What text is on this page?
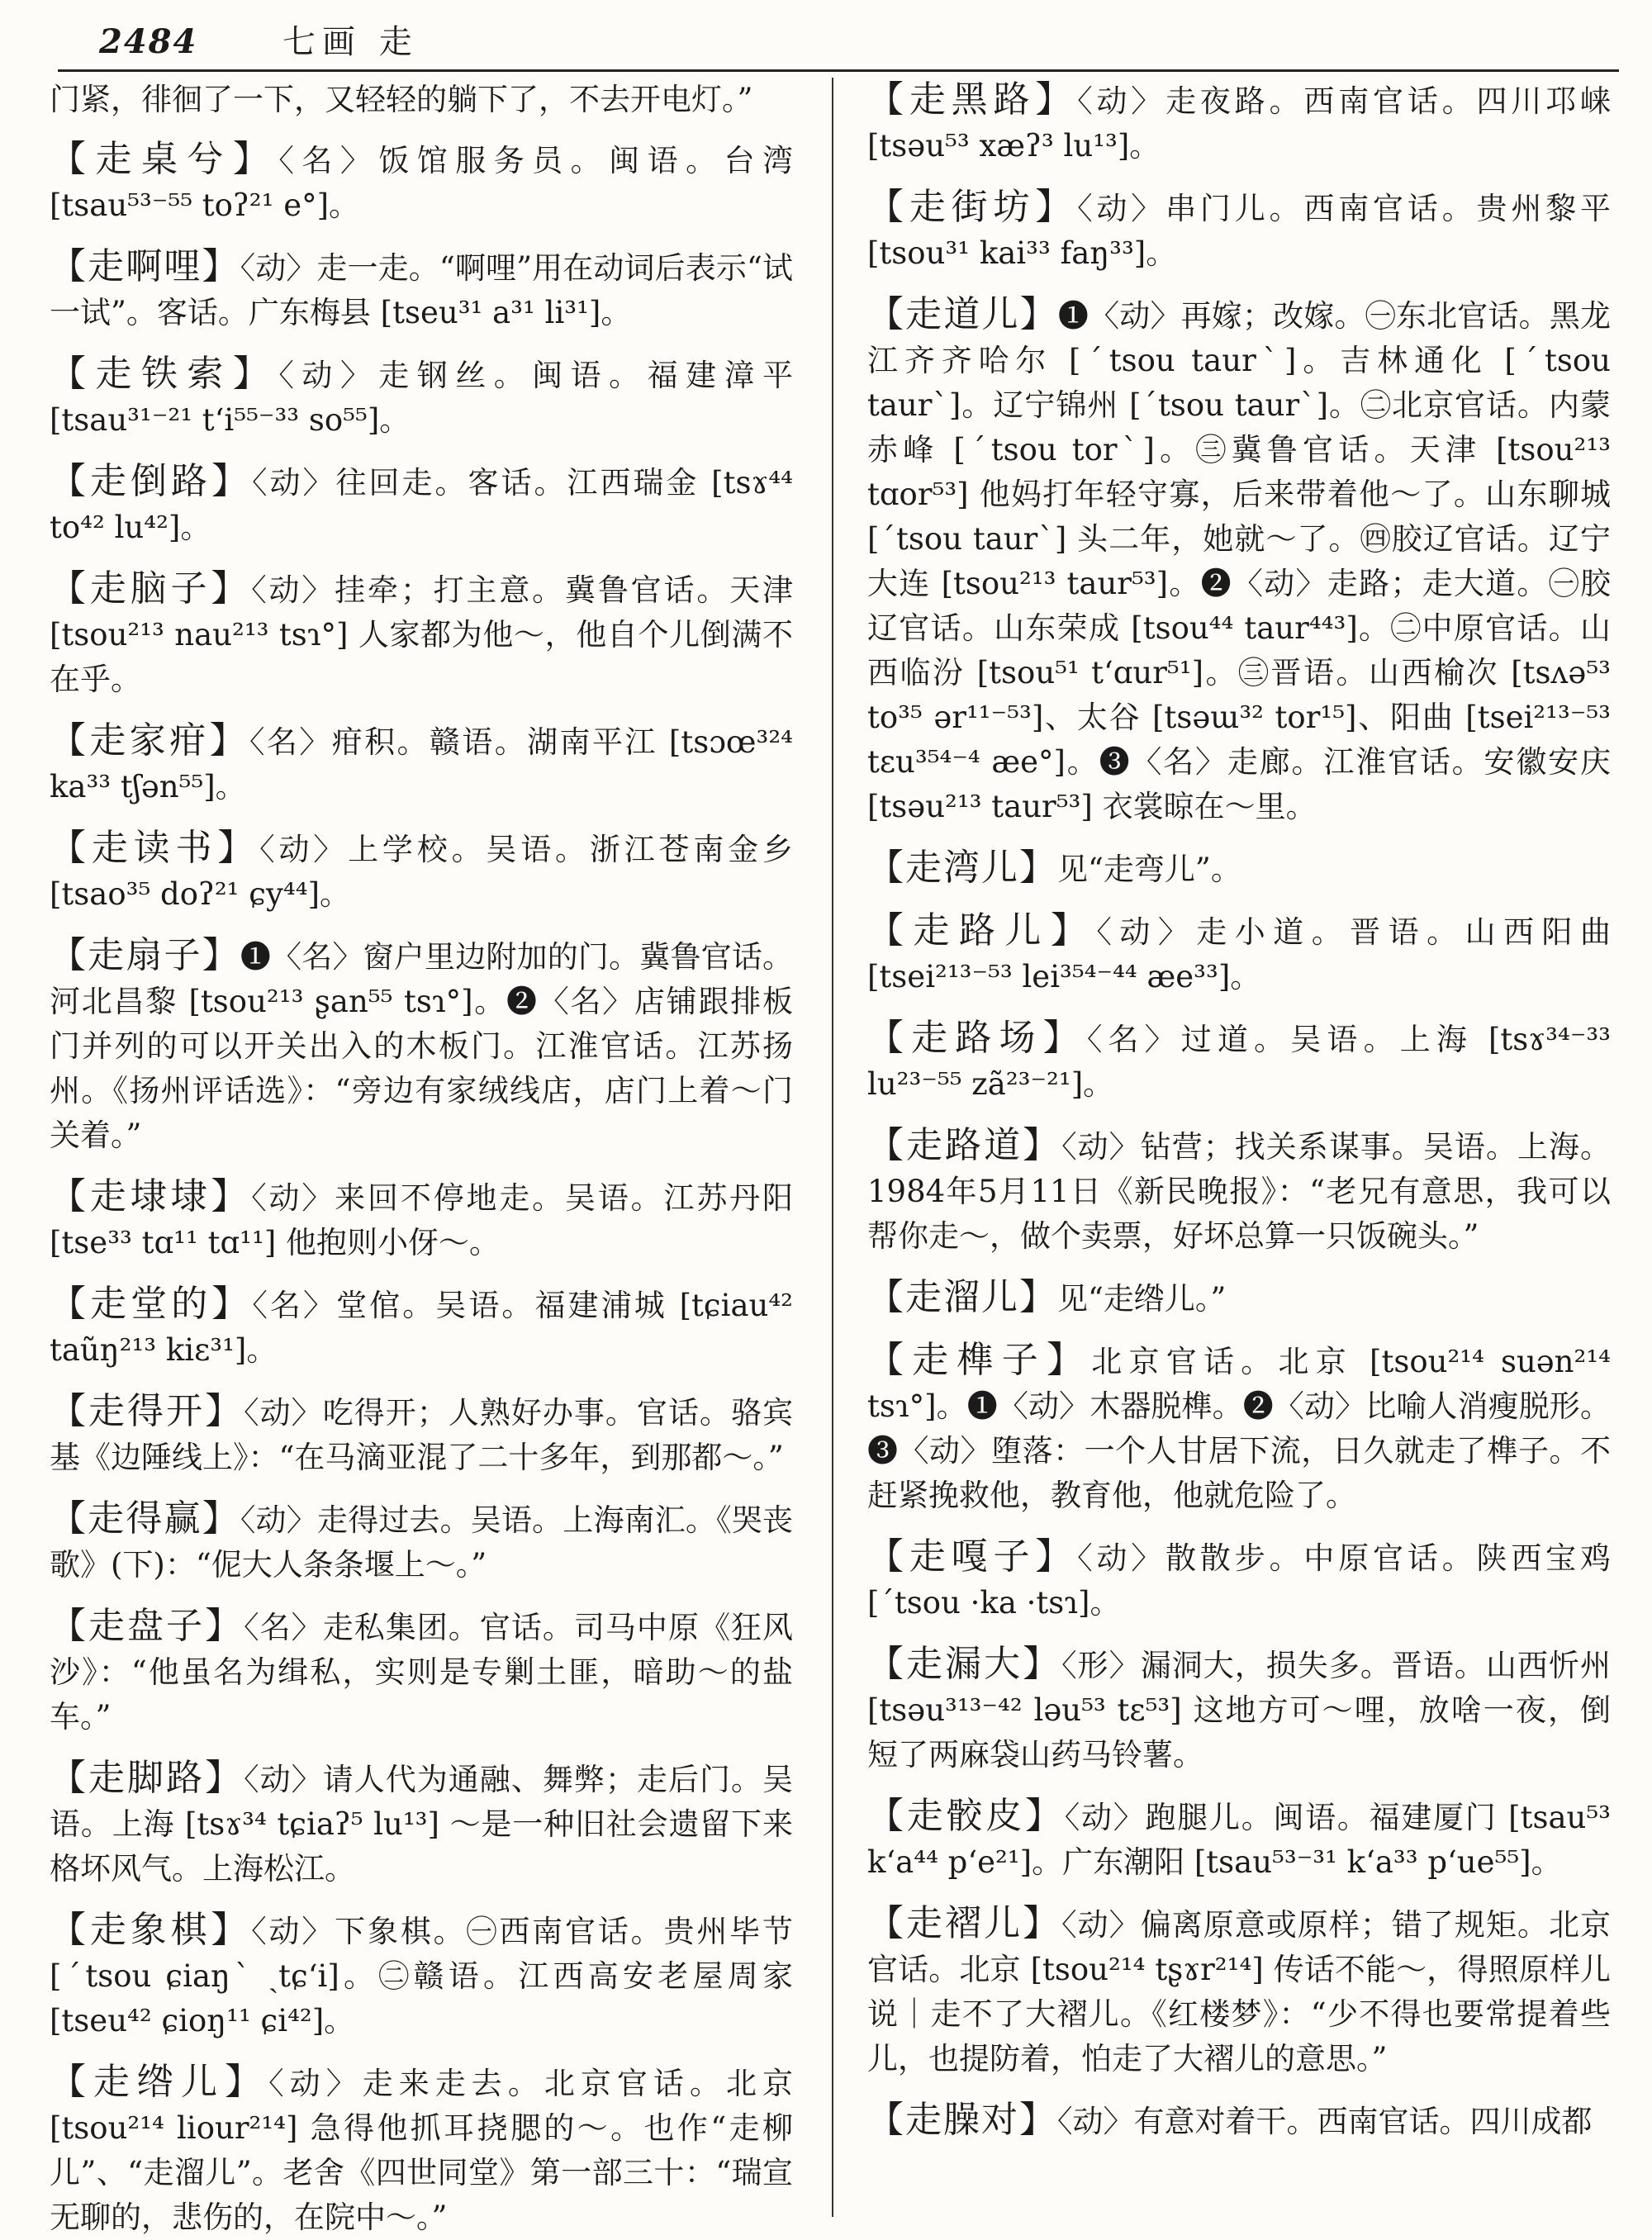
2484	七画 走
门紧，徘徊了一下，又轻轻的躺下了，不去开电灯。”
【走桌兮】〈名〉饭馆服务员。闽语。台湾 [tsau⁵³⁻⁵⁵ toʔ²¹ e°]。
【走啊哩】〈动〉走一走。“啊哩”用在动词后表示“试一试”。客话。广东梅县 [tseu³¹ a³¹ li³¹]。
【走铁索】〈动〉走钢丝。闽语。福建漳平 [tsau³¹⁻²¹ tʻi⁵⁵⁻³³ so⁵⁵]。
【走倒路】〈动〉往回走。客话。江西瑞金 [tsɤ⁴⁴ to⁴² lu⁴²]。
【走脑子】〈动〉挂牵；打主意。冀鲁官话。天津 [tsou²¹³ nau²¹³ tsɿ°] 人家都为他～，他自个儿倒满不在乎。
【走家疳】〈名〉疳积。赣语。湖南平江 [tsɔœ³²⁴ ka³³ tʃən⁵⁵]。
【走读书】〈动〉上学校。吴语。浙江苍南金乡 [tsao³⁵ doʔ²¹ ɕy⁴⁴]。
【走扇子】❶〈名〉窗户里边附加的门。冀鲁官话。河北昌黎 [tsou²¹³ ʂan⁵⁵ tsɿ°]。❷〈名〉店铺跟排板门并列的可以开关出入的木板门。江淮官话。江苏扬州。《扬州评话选》：“旁边有家绒线店，店门上着～门关着。”
【走埭埭】〈动〉来回不停地走。吴语。江苏丹阳 [tse³³ tɑ¹¹ tɑ¹¹] 他抱则小伢～。
【走堂的】〈名〉堂倌。吴语。福建浦城 [tɕiau⁴² taũŋ²¹³ kiɛ³¹]。
【走得开】〈动〉吃得开；人熟好办事。官话。骆宾基《边陲线上》：“在马滴亚混了二十多年，到那都～。”
【走得赢】〈动〉走得过去。吴语。上海南汇。《哭丧歌》(下)：“伲大人条条堰上～。”
【走盘子】〈名〉走私集团。官话。司马中原《狂风沙》：“他虽名为缉私，实则是专剿土匪，暗助～的盐车。”
【走脚路】〈动〉请人代为通融、舞弊；走后门。吴语。上海 [tsɤ³⁴ tɕiaʔ⁵ lu¹³] ～是一种旧社会遗留下来格坏风气。上海松江。
【走象棋】〈动〉下象棋。㊀西南官话。贵州毕节 [ˊtsou ɕiaŋˋ ˏtɕʻi]。㊁赣语。江西高安老屋周家 [tseu⁴² ɕioŋ¹¹ ɕi⁴²]。
【走绺儿】〈动〉走来走去。北京官话。北京 [tsou²¹⁴ liour²¹⁴] 急得他抓耳挠腮的～。也作“走柳儿”、“走溜儿”。老舍《四世同堂》第一部三十：“瑞宣无聊的，悲伤的，在院中～。”
【走黑路】〈动〉走夜路。西南官话。四川邛崃 [tsəu⁵³ xæʔ³ lu¹³]。
【走街坊】〈动〉串门儿。西南官话。贵州黎平 [tsou³¹ kai³³ faŋ³³]。
【走道儿】❶〈动〉再嫁；改嫁。㊀东北官话。黑龙江齐齐哈尔 [ˊtsou taurˋ]。吉林通化 [ˊtsou taurˋ]。辽宁锦州 [ˊtsou taurˋ]。㊁北京官话。内蒙赤峰 [ˊtsou torˋ]。㊂冀鲁官话。天津 [tsou²¹³ tɑor⁵³] 他妈打年轻守寡，后来带着他～了。山东聊城 [ˊtsou taurˋ] 头二年，她就～了。㊃胶辽官话。辽宁大连 [tsou²¹³ taur⁵³]。❷〈动〉走路；走大道。㊀胶辽官话。山东荣成 [tsou⁴⁴ taur⁴⁴³]。㊁中原官话。山西临汾 [tsou⁵¹ tʻɑur⁵¹]。㊂晋语。山西榆次 [tsʌə⁵³ to³⁵ ər¹¹⁻⁵³]、太谷 [tsəɯ³² tor¹⁵]、阳曲 [tsei²¹³⁻⁵³ tɛu³⁵⁴⁻⁴ æe°]。❸〈名〉走廊。江淮官话。安徽安庆 [tsəu²¹³ taur⁵³] 衣裳晾在～里。
【走湾儿】见“走弯儿”。
【走路儿】〈动〉走小道。晋语。山西阳曲 [tsei²¹³⁻⁵³ lei³⁵⁴⁻⁴⁴ æe³³]。
【走路场】〈名〉过道。吴语。上海 [tsɤ³⁴⁻³³ lu²³⁻⁵⁵ zã²³⁻²¹]。
【走路道】〈动〉钻营；找关系谋事。吴语。上海。1984年5月11日《新民晚报》：“老兄有意思，我可以帮你走～，做个卖票，好坏总算一只饭碗头。”
【走溜儿】见“走绺儿。”
【走榫子】北京官话。北京 [tsou²¹⁴ suən²¹⁴ tsɿ°]。❶〈动〉木器脱榫。❷〈动〉比喻人消瘦脱形。❸〈动〉堕落：一个人甘居下流，日久就走了榫子。不赶紧挽救他，教育他，他就危险了。
【走嘎子】〈动〉散散步。中原官话。陕西宝鸡 [ˊtsou ·ka ·tsɿ]。
【走漏大】〈形〉漏洞大，损失多。晋语。山西忻州 [tsəu³¹³⁻⁴² ləu⁵³ tɛ⁵³] 这地方可～哩，放啥一夜，倒短了两麻袋山药马铃薯。
【走骹皮】〈动〉跑腿儿。闽语。福建厦门 [tsau⁵³ kʻa⁴⁴ pʻe²¹]。广东潮阳 [tsau⁵³⁻³¹ kʻa³³ pʻue⁵⁵]。
【走褶儿】〈动〉偏离原意或原样；错了规矩。北京官话。北京 [tsou²¹⁴ tʂɤr²¹⁴] 传话不能～，得照原样儿说｜走不了大褶儿。《红楼梦》：“少不得也要常提着些儿，也提防着，怕走了大褶儿的意思。”
【走臊对】〈动〉有意对着干。西南官话。四川成都
